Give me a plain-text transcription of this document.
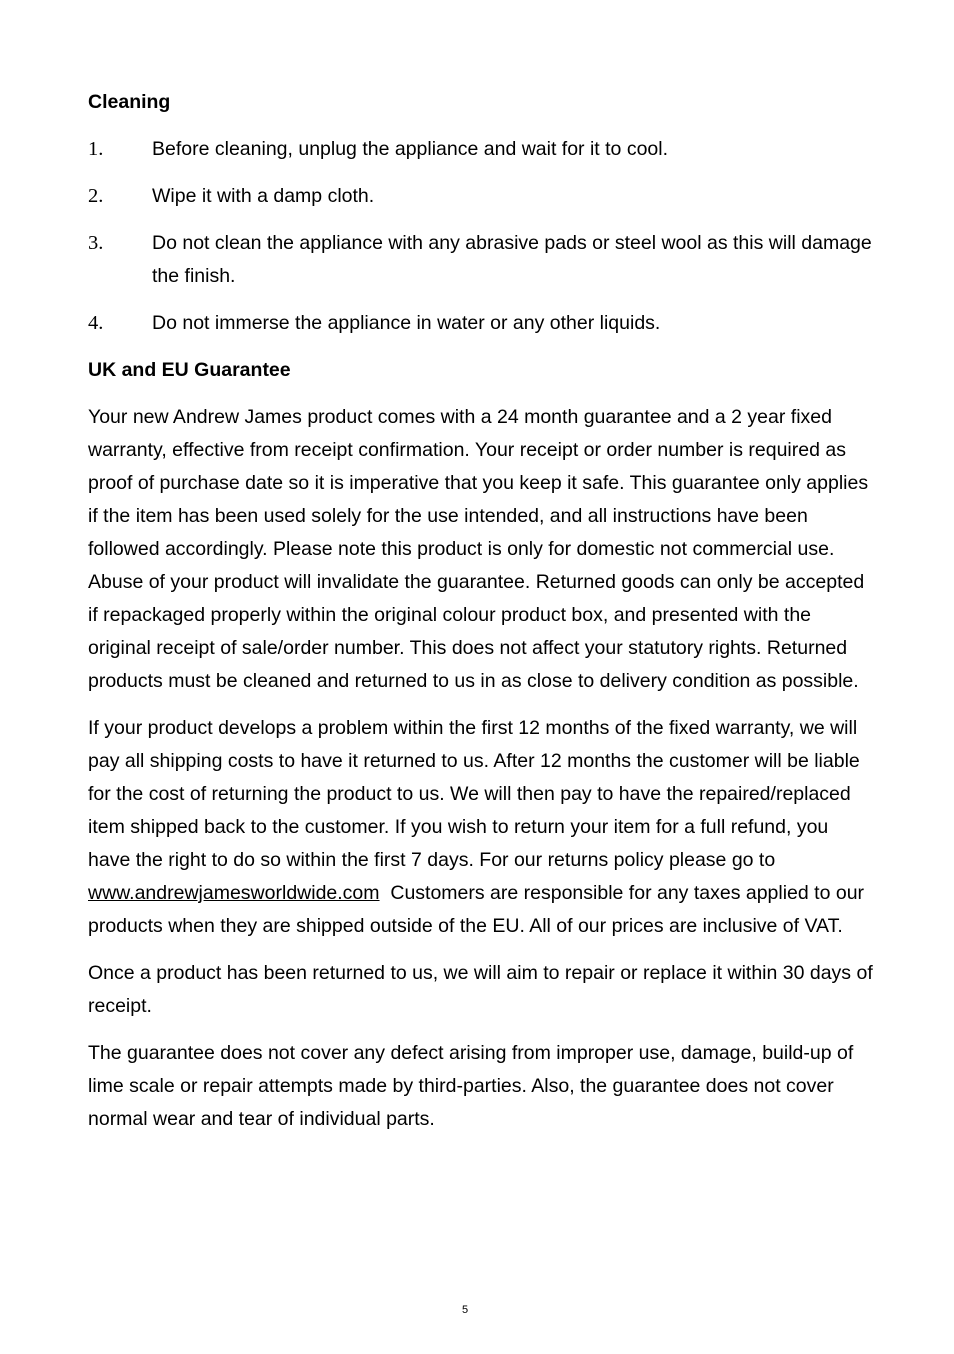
Cleaning
1.	Before cleaning, unplug the appliance and wait for it to cool.
2.	Wipe it with a damp cloth.
3.	Do not clean the appliance with any abrasive pads or steel wool as this will damage the finish.
4.	Do not immerse the appliance in water or any other liquids.
UK and EU Guarantee

Your new Andrew James product comes with a 24 month guarantee and a 2 year fixed warranty, effective from receipt confirmation. Your receipt or order number is required as proof of purchase date so it is imperative that you keep it safe. This guarantee only applies if the item has been used solely for the use intended, and all instructions have been followed accordingly. Please note this product is only for domestic not commercial use. Abuse of your product will invalidate the guarantee. Returned goods can only be accepted if repackaged properly within the original colour product box, and presented with the original receipt of sale/order number. This does not affect your statutory rights. Returned products must be cleaned and returned to us in as close to delivery condition as possible.

If your product develops a problem within the first 12 months of the fixed warranty, we will pay all shipping costs to have it returned to us. After 12 months the customer will be liable for the cost of returning the product to us. We will then pay to have the repaired/replaced item shipped back to the customer. If you wish to return your item for a full refund, you have the right to do so within the first 7 days. For our returns policy please go to www.andrewjamesworldwide.com  Customers are responsible for any taxes applied to our products when they are shipped outside of the EU. All of our prices are inclusive of VAT.

Once a product has been returned to us, we will aim to repair or replace it within 30 days of receipt.

The guarantee does not cover any defect arising from improper use, damage, build-up of lime scale or repair attempts made by third-parties. Also, the guarantee does not cover normal wear and tear of individual parts.

5
